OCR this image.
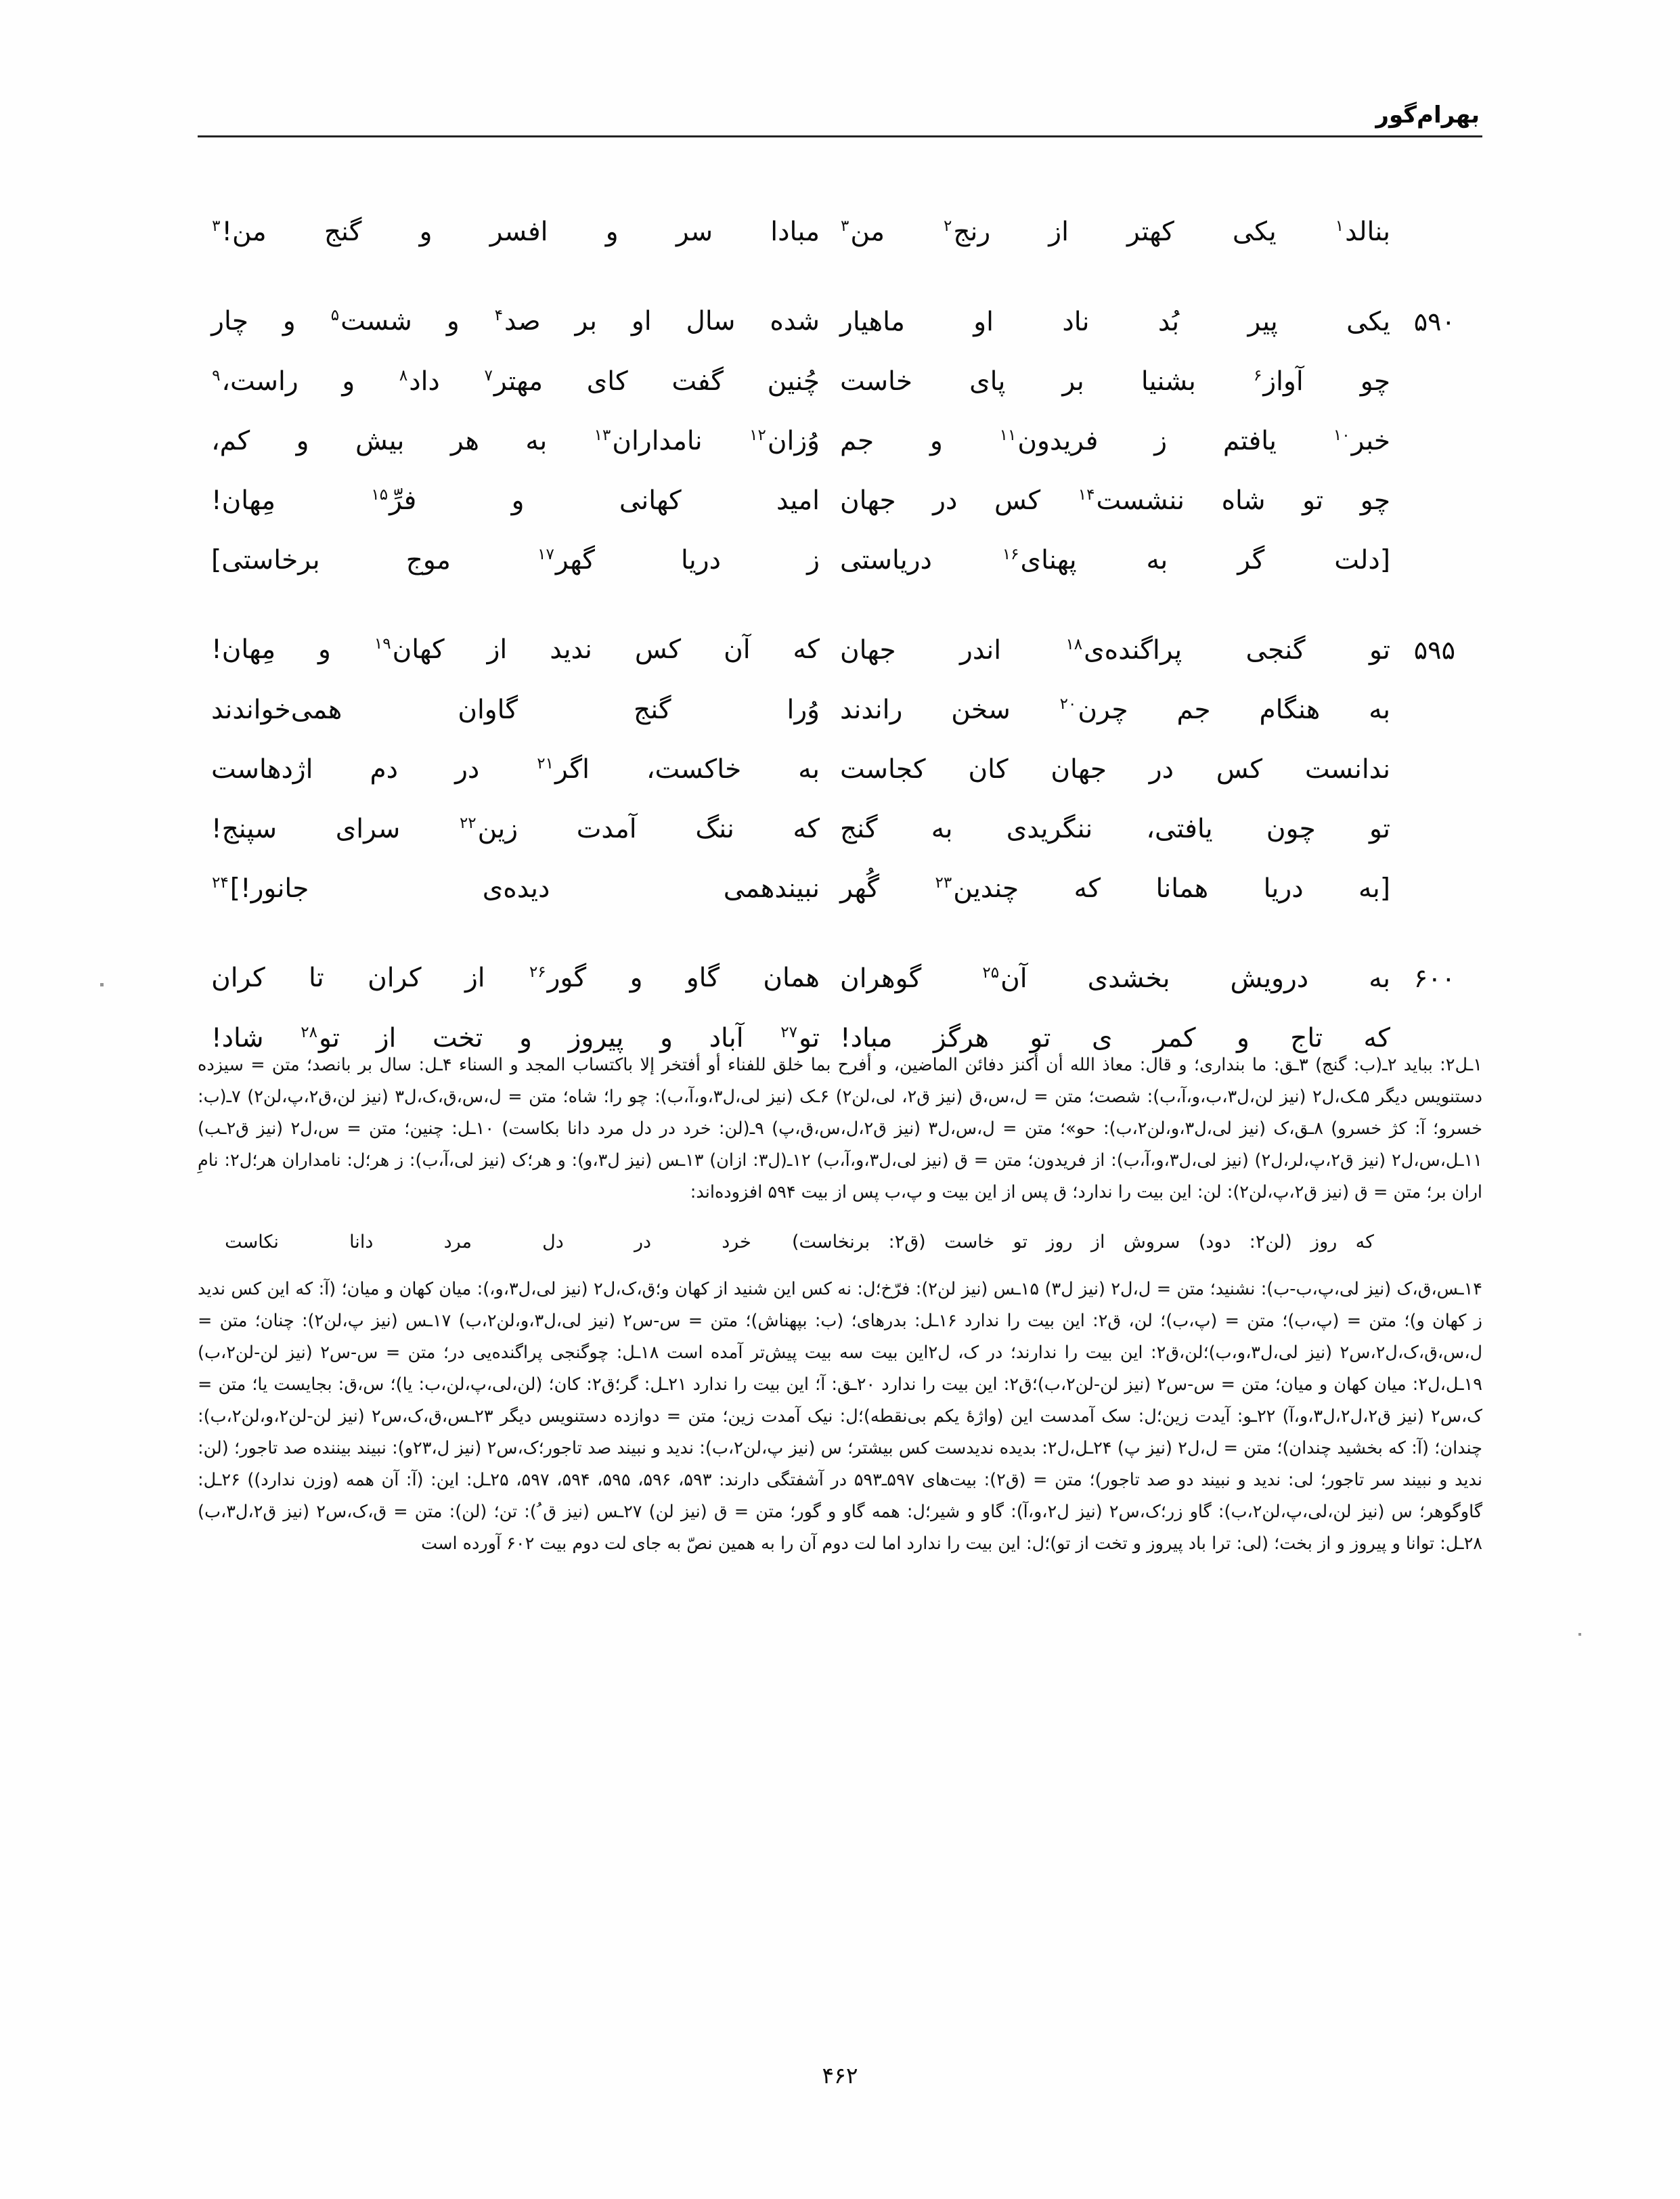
بهرام‌گور
بنالد$^۱$
یکی
کهتر
از
رنج$^۲$
من$^۳$
مبادا
سر
و
افسر
و
گنج
من!$^۳$
۵۹۰
یکی
پیر
بُد
ناد
او
ماهیار
شده
سال
او
بر
صد$^۴$
و
شست$^۵$
و
چار
چو
آواز$^۶$
بشنیا
بر
پای
خاست
چُنین
گفت
کای
مهتر$^۷$
داد$^۸$
و
راست،$^۹$
خبر$^{۱۰}$
یافتم
ز
فریدون$^{۱۱}$
و
جم
وُزان$^{۱۲}$
نامداران$^{۱۳}$
به
هر
بیش
و
کم،
چو
تو
شاه
ننشست$^{۱۴}$
کس
در
جهان
امید
کهانی
و
فرِّ$^{۱۵}$
مِهان!
[دلت
گر
به
پهنای$^{۱۶}$
دریاستی
ز
دریا
گهر$^{۱۷}$
موج
برخاستی]
۵۹۵
تو
گنجی
پراگنده‌ی$^{۱۸}$
اندر
جهان
که
آن
کس
ندید
از
کهان$^{۱۹}$
و
مِهان!
به
هنگام
جم
چرن$^{۲۰}$
سخن
راندند
وُرا
گنج
گاوان
همی‌خواندند
ندانست
کس
در
جهان
کان
کجاست
به
خاکست،
اگر$^{۲۱}$
در
دم
اژدهاست
تو
چون
یافتی،
ننگریدی
به
گنج
که
ننگ
آمدت
زین$^{۲۲}$
سرای
سپنج!
[به
دریا
همانا
که
چندین$^{۲۳}$
گُهر
نبیندهمی
دیده‌ی
جانور!]$^{۲۴}$
۶۰۰
به
درویش
بخشدی
آن$^{۲۵}$
گوهران
همان
گاو
و
گور$^{۲۶}$
از
کران
تا
کران
که
تاج
و
کمر
ی
تو
هرگز
مباد!
تو$^{۲۷}$
آباد
و
پیروز
و
تخت
از
تو$^{۲۸}$
شاد!

۱ـل‌۲: بباید ۲ـ(ب: گنج) ۳ـق: ما بنداری؛ و قال: معاذ الله أن أکنز دفائن الماضین، و أفرح بما خلق للفناء أو أفتخر إلا باکتساب المجد و السناء ۴ـل: سال بر بانصد؛ متن = سیزده دستنویس دیگر ۵ـک،ل۲ (نیز لن،ل۳،ب،و،آ،ب): شصت؛ متن = ل،س،ق (نیز ق۲، لی،لن۲) ۶ـک (نیز لی،ل۳،و،آ،ب): چو را؛ شاه؛ متن = ل،س،ق،ک،ل۳ (نیز لن،ق۲،پ،لن۲) ۷ـ(ب: خسرو؛ آ: کژ خسرو) ۸ـق،ک (نیز لی،ل۳،و،لن۲،ب): حو»؛ متن = ل،س،ل۳ (نیز ق۲،ل،س،ق،پ) ۹ـ(لن: خرد در دل مرد دانا بکاست) ۱۰ـل: چنین؛ متن = س،ل۲ (نیز ق۲ـب) ۱۱ـل،س،ل۲ (نیز ق۲،پ،لر،ل۲) (نیز لی،ل۳،و،آ،ب): از فریدون؛ متن = ق (نیز لی،ل۳،و،آ،ب) ۱۲ـ(ل۳: ازان) ۱۳ـس (نیز ل۳،و): و هر؛ک (نیز لی،آ،ب): ز هر؛ل: نامداران هر؛ل۲: نامِ اران بر؛ متن = ق (نیز ق۲،پ،لن۲): لن: این بیت را ندارد؛ ق پس از این بیت و پ،ب پس از بیت ۵۹۴ افزوده‌اند:

که
روز
(لن۲:
دود)
سروش
از
روز
تو
خاست
(ق۲:
برنخاست)
خرد
در
دل
مرد
دانا
نکاست

۱۴ـس،ق،ک (نیز لی،پ،ب-ب): نشنید؛ متن = ل،ل۲ (نیز ل۳) ۱۵ـس (نیز لن۲): فرّخ؛ل: نه کس این شنید از کهان و؛ق،ک،ل۲ (نیز لی،ل۳،و،): میان کهان و میان؛ (آ: که این کس ندید ز کهان و)؛ متن = (پ،ب)؛ متن = (پ،ب)؛ لن، ق۲: این بیت را ندارد ۱۶ـل: بدرهای؛ (ب: بپهناش)؛ متن = س-س۲ (نیز لی،ل۳،و،لن۲،ب) ۱۷ـس (نیز پ،لن۲): چنان؛ متن = ل،س،ق،ک،ل۲،س۲ (نیز لی،ل۳،و،ب)؛لن،ق۲: این بیت را ندارند؛ در ک، ل۲این بیت سه بیت پیش‌تر آمده است ۱۸ـل: چوگنجی پراگنده‌یی در؛ متن = س-س۲ (نیز لن-لن۲،ب) ۱۹ـل،ل۲: میان کهان و میان؛ متن = س-س۲ (نیز لن-لن۲،ب)؛ق۲: این بیت را ندارد ۲۰ـق: آ؛ این بیت را ندارد ۲۱ـل: گر؛ق۲: کان؛ (لن،لی،پ،لن،ب: یا)؛ س،ق: بجایست یا؛ متن = ک،س۲ (نیز ق۲،ل۲،ل۳،و،آ) ۲۲ـو: آیدت زین؛ل: سک آمدست این (واژهٔ یکم بی‌نقطه)؛ل: نیک آمدت زین؛ متن = دوازده دستنویس دیگر ۲۳ـس،ق،ک،س۲ (نیز لن-لن۲،و،لن۲،ب): چندان؛ (آ: که بخشید چندان)؛ متن = ل،ل۲ (نیز پ) ۲۴ـل،ل۲: بدیده ندیدست کس بیشتر؛ س (نیز پ،لن۲،ب): ندید و نبیند صد تاجور؛ک،س۲ (نیز ل،۲۳و): نبیند بیننده صد تاجور؛ (لن: ندید و نبیند سر تاجور؛ لی: ندید و نبیند دو صد تاجور)؛ متن = (ق۲): بیت‌های ۵۹۷ـ۵۹۳ در آشفتگی دارند: ۵۹۳، ۵۹۶، ۵۹۵، ۵۹۴، ۵۹۷، ۲۵ـل: این: (آ: آن همه (وزن ندارد)) ۲۶ـل: گاوگوهر؛ س (نیز لن،لی،پ،لن۲،ب): گاو زر؛ک،س۲ (نیز ل۲،و،آ): گاو و شیر؛ل: همه گاو و گور؛ متن = ق (نیز لن) ۲۷ـس (نیز ق ُ): تن؛ (لن): متن = ق،ک،س۲ (نیز ق۲،ل۳،ب) ۲۸ـل: توانا و پیروز و از بخت؛ (لی: ترا باد پیروز و تخت از تو)؛ل: این بیت را ندارد اما لت دوم آن را به همین نصّ به جای لت دوم بیت ۶۰۲ آورده است

۴۶۲
